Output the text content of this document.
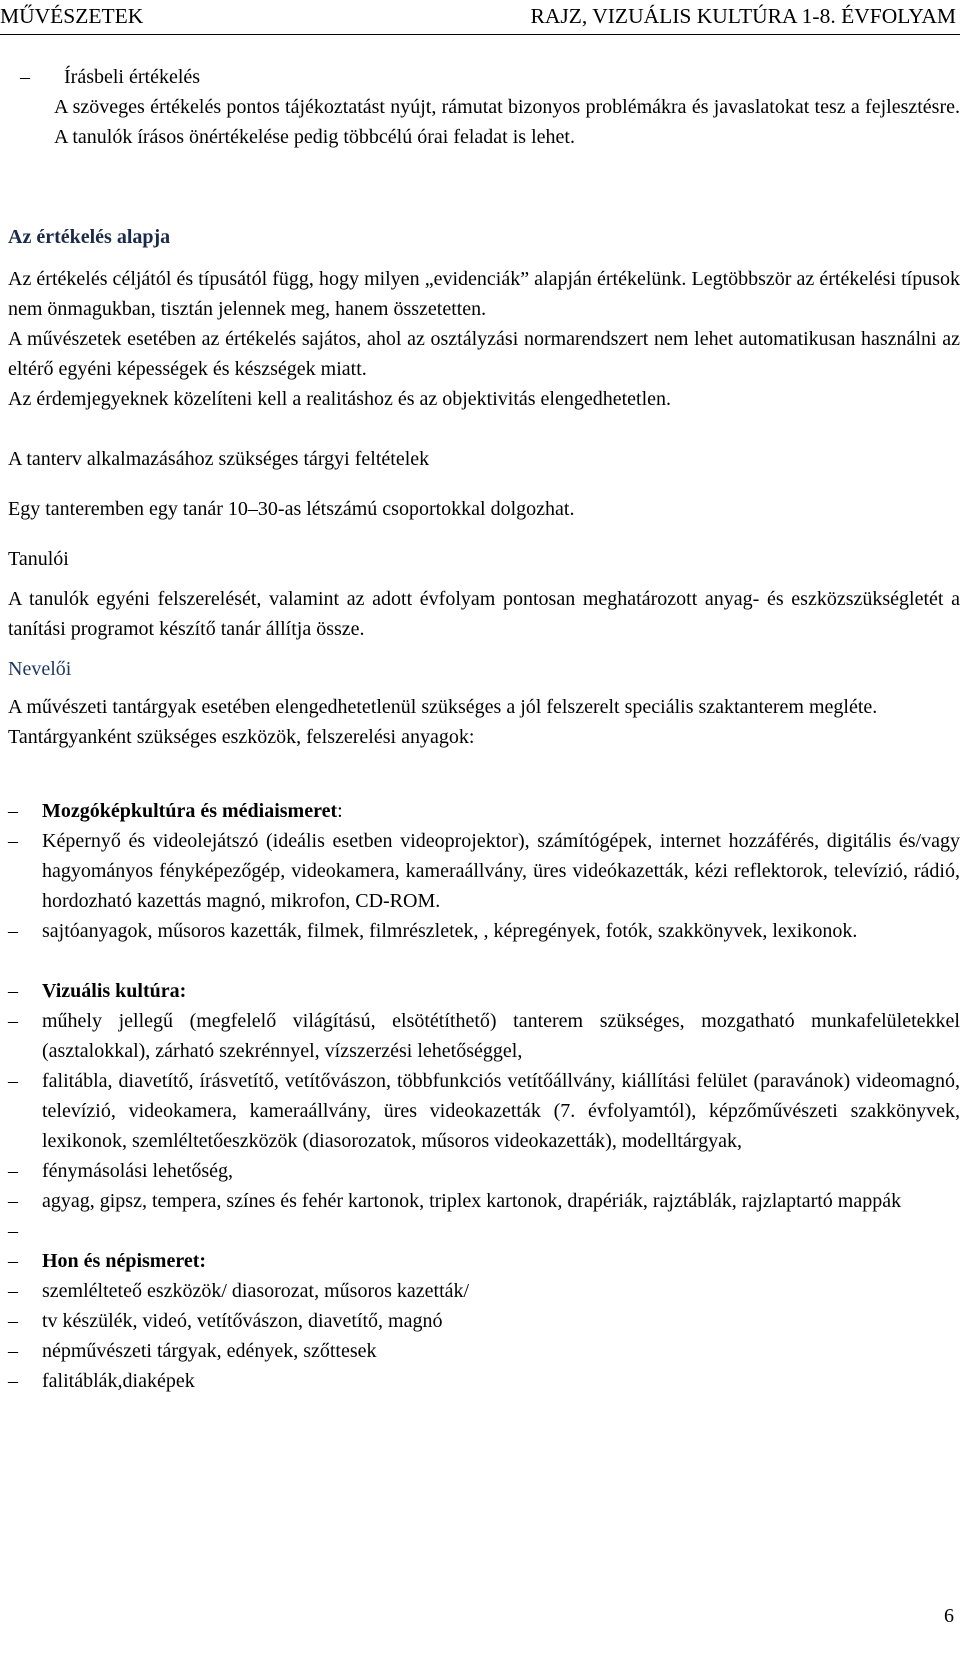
MŰVÉSZETEK	RAJZ, VIZUÁLIS KULTÚRA 1-8. ÉVFOLYAM
–	Írásbeli értékelés

A szöveges értékelés pontos tájékoztatást nyújt, rámutat bizonyos problémákra és javaslatokat tesz a fejlesztésre. A tanulók írásos önértékelése pedig többcélú órai feladat is lehet.

Az értékelés alapja

Az értékelés céljától és típusától függ, hogy milyen „evidenciák” alapján értékelünk. Legtöbbször az értékelési típusok nem önmagukban, tisztán jelennek meg, hanem összetetten.

A művészetek esetében az értékelés sajátos, ahol az osztályzási normarendszert nem lehet automatikusan használni az eltérő egyéni képességek és készségek miatt.

Az érdemjegyeknek közelíteni kell a realitáshoz és az objektivitás elengedhetetlen.

A tanterv alkalmazásához szükséges tárgyi feltételek

Egy tanteremben egy tanár 10–30-as létszámú csoportokkal dolgozhat.

Tanulói

A tanulók egyéni felszerelését, valamint az adott évfolyam pontosan meghatározott anyag- és eszközszükségletét a tanítási programot készítő tanár állítja össze.

Nevelői

A művészeti tantárgyak esetében elengedhetetlenül szükséges a jól felszerelt speciális szaktanterem megléte.

Tantárgyanként szükséges eszközök, felszerelési anyagok:

–	Mozgóképkultúra és médiaismeret:
–	Képernyő és videolejátszó (ideális esetben videoprojektor), számítógépek, internet hozzáférés, digitális és/vagy hagyományos fényképezőgép, videokamera, kameraállvány, üres videókazetták, kézi reflektorok, televízió, rádió, hordozható kazettás magnó, mikrofon, CD-ROM.
–	sajtóanyagok, műsoros kazetták, filmek, filmrészletek, , képregények, fotók, szakkönyvek, lexikonok.
–	Vizuális kultúra:
–	műhely jellegű (megfelelő világítású, elsötétíthető) tanterem szükséges, mozgatható munkafelületekkel (asztalokkal), zárható szekrénnyel, vízszerzési lehetőséggel,
–	falitábla, diavetítő, írásvetítő, vetítővászon, többfunkciós vetítőállvány, kiállítási felület (paravánok) videomagnó, televízió, videokamera, kameraállvány, üres videokazetták (7. évfolyamtól), képzőművészeti szakkönyvek, lexikonok, szemléltetőeszközök (diasorozatok, műsoros videokazetták), modelltárgyak,
–	fénymásolási lehetőség,
–	agyag, gipsz, tempera, színes és fehér kartonok, triplex kartonok, drapériák, rajztáblák, rajzlaptartó mappák
–
–	Hon és népismeret:
–	szemlélteteő eszközök/ diasorozat, műsoros kazetták/
–	tv készülék, videó, vetítővászon, diavetítő, magnó
–	népművészeti tárgyak, edények, szőttesek
–	falitáblák,diaképek
6
